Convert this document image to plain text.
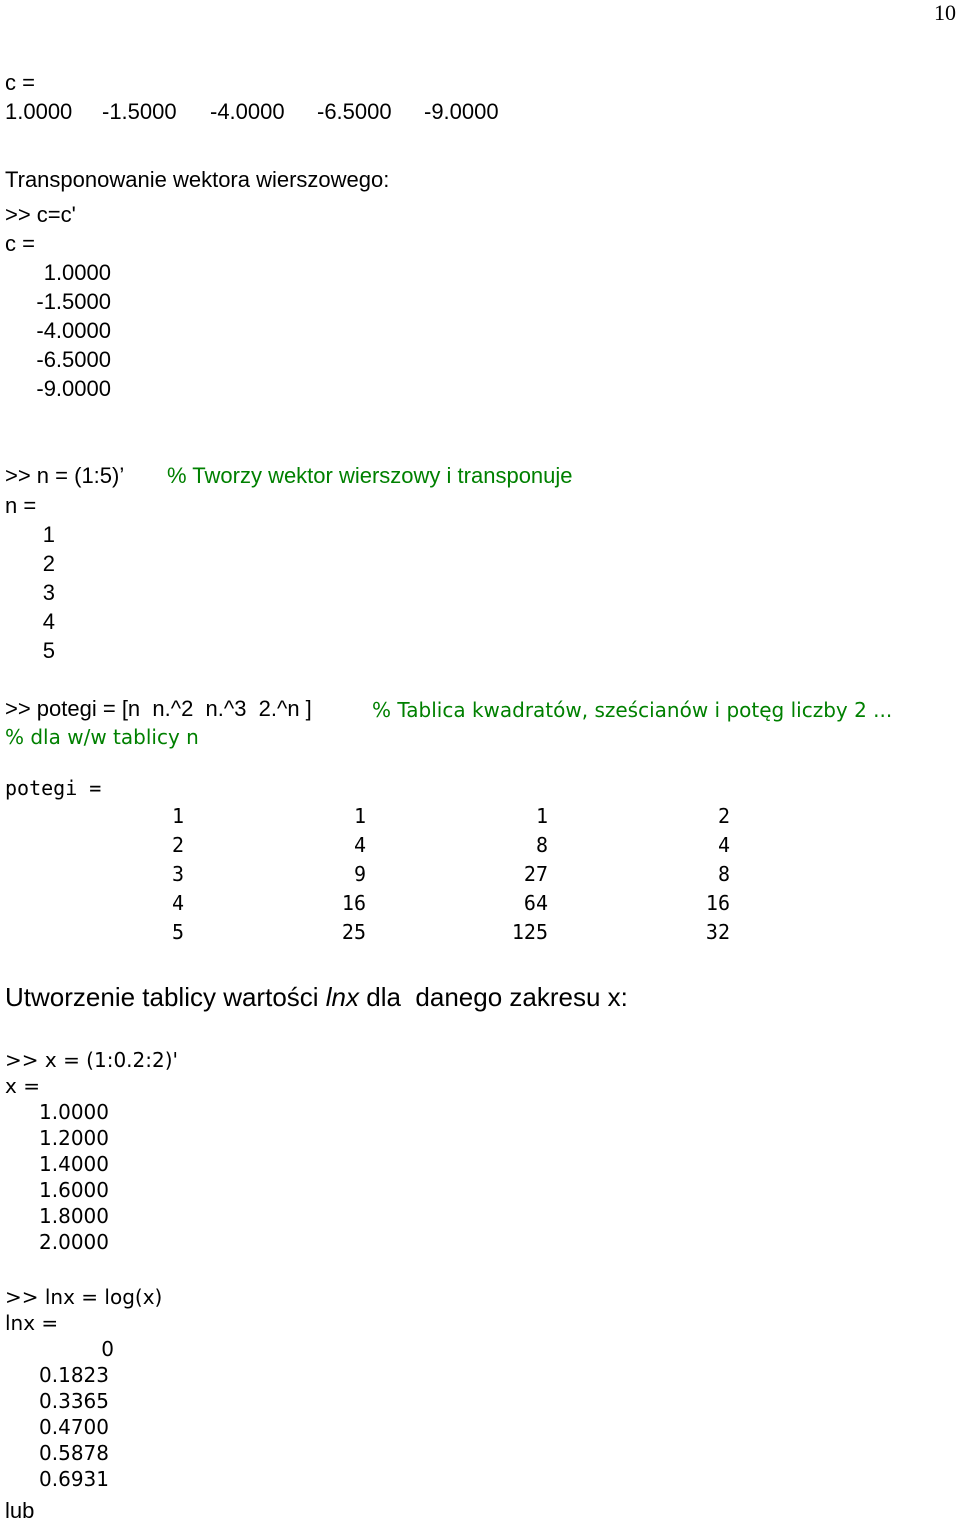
10
c =
1.0000 -1.5000 -4.0000 -6.5000 -9.0000
Transponowanie wektora wierszowego:
>> c=c'
c =
1.0000
-1.5000
-4.0000
-6.5000
-9.0000
>> n = (1:5)’ % Tworzy wektor wierszowy i transponuje
n =
1
2
3
4
5
>> potegi = [n  n.^2  n.^3  2.^n ]	% Tablica kwadratów, sześcianów i potęg liczby 2 ...
% dla w/w tablicy n
potegi =
1	1	1	2
2	4	8	4
3	9	27	8
4	16	64	16
5	25	125	32
Utworzenie tablicy wartości lnx dla  danego zakresu x:
>> x = (1:0.2:2)'
x =
1.0000
1.2000
1.4000
1.6000
1.8000
2.0000
>> lnx = log(x)
lnx =
0
0.1823
0.3365
0.4700
0.5878
0.6931
lub
